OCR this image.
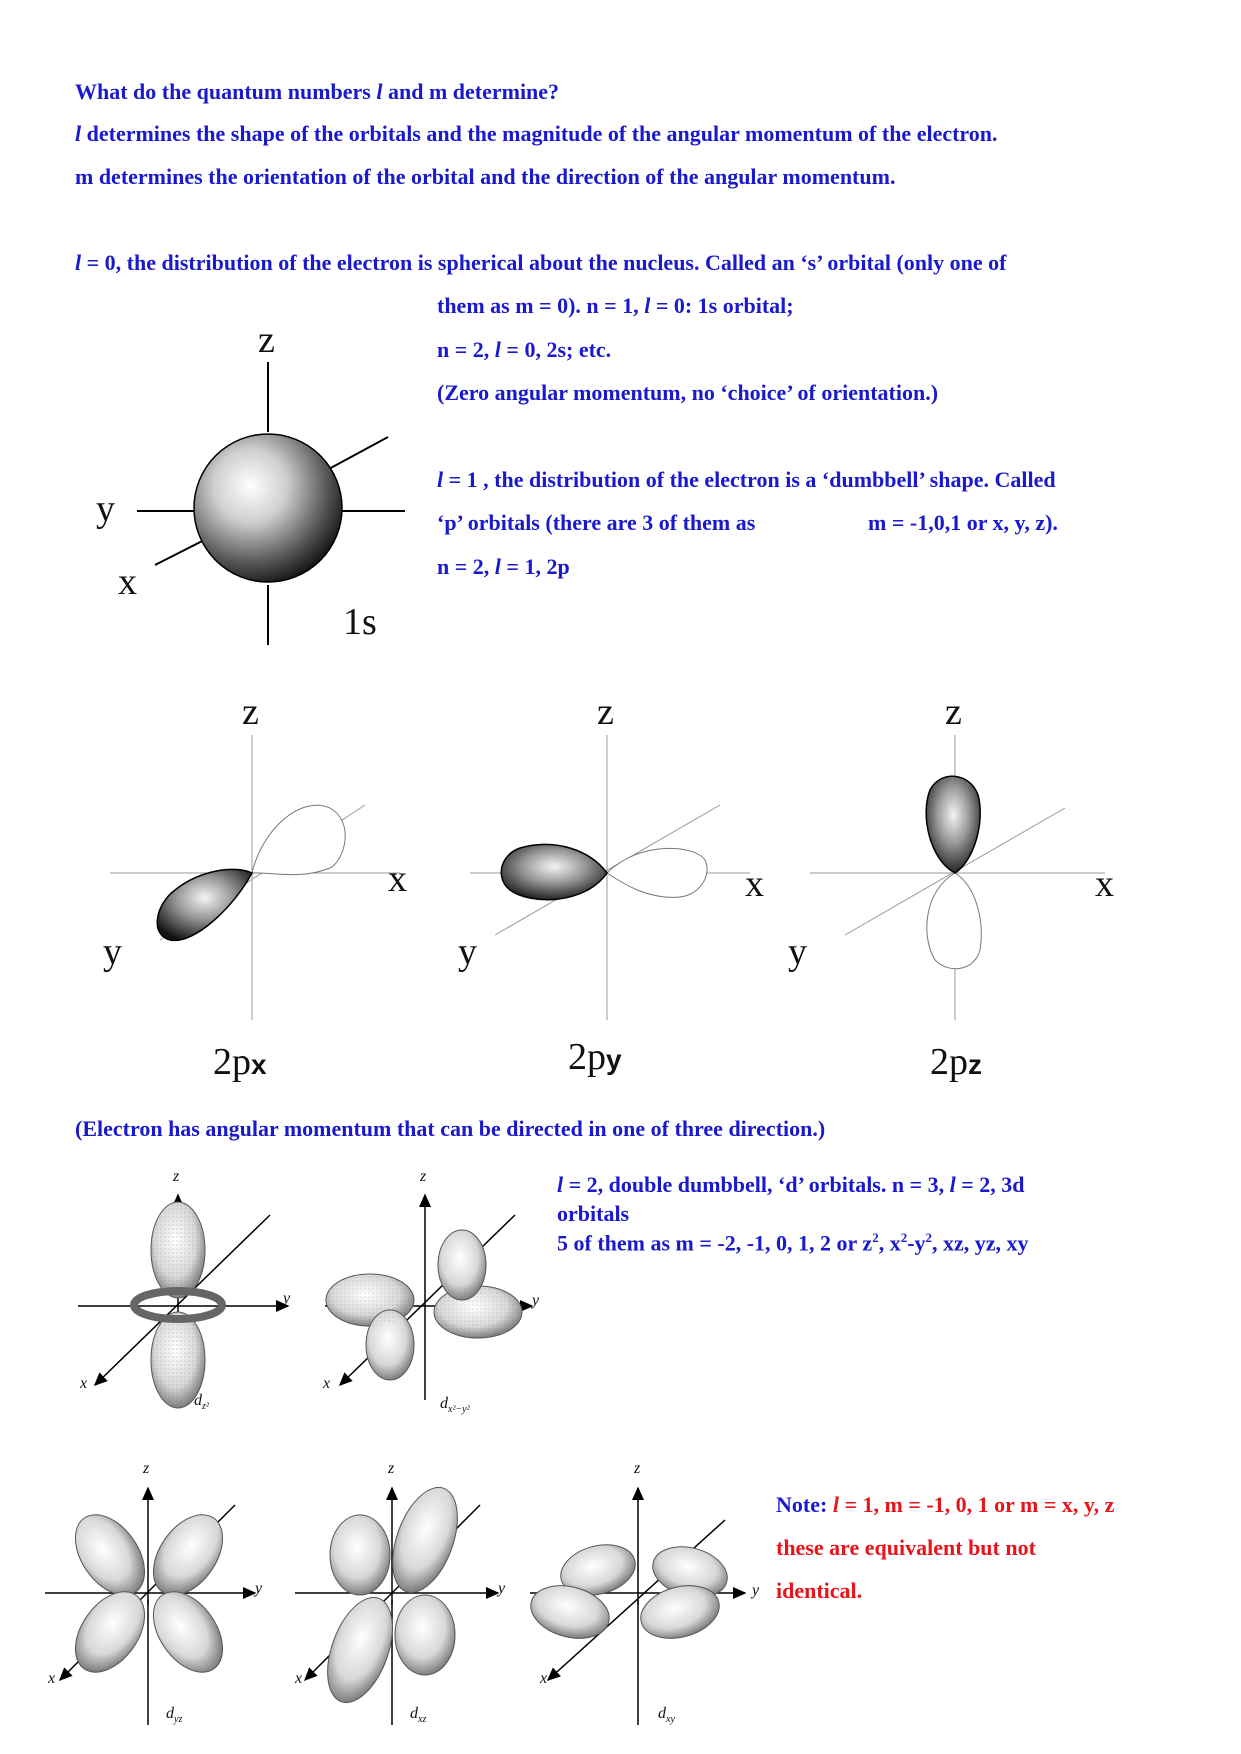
What do the quantum numbers l and m determine?
l determines the shape of the orbitals and the magnitude of the angular momentum of the electron.
m determines the orientation of the orbital and the direction of the angular momentum.
l = 0, the distribution of the electron is spherical about the nucleus. Called an ‘s’ orbital (only one of
them as m = 0). n = 1, l = 0: 1s orbital;
n = 2, l = 0, 2s; etc.
(Zero angular momentum, no ‘choice’ of orientation.)
l = 1 , the distribution of the electron is a ‘dumbbell’ shape. Called
‘p’ orbitals (there are 3 of them as	m = -1,0,1 or x, y, z).
n = 2, l = 1, 2p
z
y
x
1s
z
x
y
2px
z
x
y
2py
z
x
y
2pz
(Electron has angular momentum that can be directed in one of three direction.)
l = 2, double dumbbell, ‘d’ orbitals. n = 3, l = 2, 3d
orbitals
5 of them as m = -2, -1, 0, 1, 2 or $z^2$, $x^2-y^2$, xz, yz, xy
z
y
x
$d_{z^2}$
z
y
x
$d_{x^2-y^2}$
z
y
x
$d_{yz}$
z
y
x
$d_{xz}$
z
y
x
$d_{xy}$
Note: l = 1, m = -1, 0, 1 or m = x, y, z
these are equivalent but not
identical.
